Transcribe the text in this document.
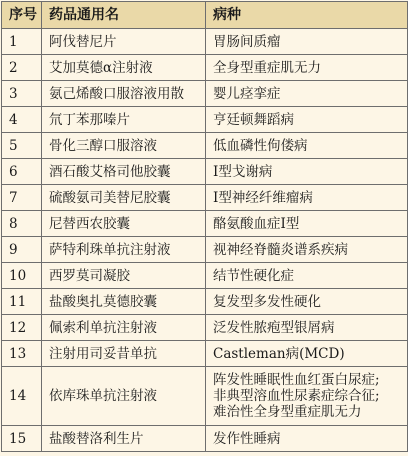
序号	药品通用名	病种
1	阿伐替尼片	胃肠间质瘤

2	艾加莫德α注射液	全身型重症肌无力

3	氨己烯酸口服溶液用散	婴儿痉挛症

4	氘丁苯那嗪片	亨廷顿舞蹈病

5	骨化三醇口服溶液	低血磷性佝偻病

6	酒石酸艾格司他胶囊	Ⅰ型戈谢病

7	硫酸氨司美替尼胶囊	Ⅰ型神经纤维瘤病

8	尼替西农胶囊	酪氨酸血症Ⅰ型

9	萨特利珠单抗注射液	视神经脊髓炎谱系疾病

10	西罗莫司凝胶	结节性硬化症

11	盐酸奥扎莫德胶囊	复发型多发性硬化

12	佩索利单抗注射液	泛发性脓疱型银屑病

13	注射用司妥昔单抗	Castleman病(MCD)

14	依库珠单抗注射液	阵发性睡眠性血红蛋白尿症;
非典型溶血性尿素症综合征;
难治性全身型重症肌无力

15	盐酸替洛利生片	发作性睡病
